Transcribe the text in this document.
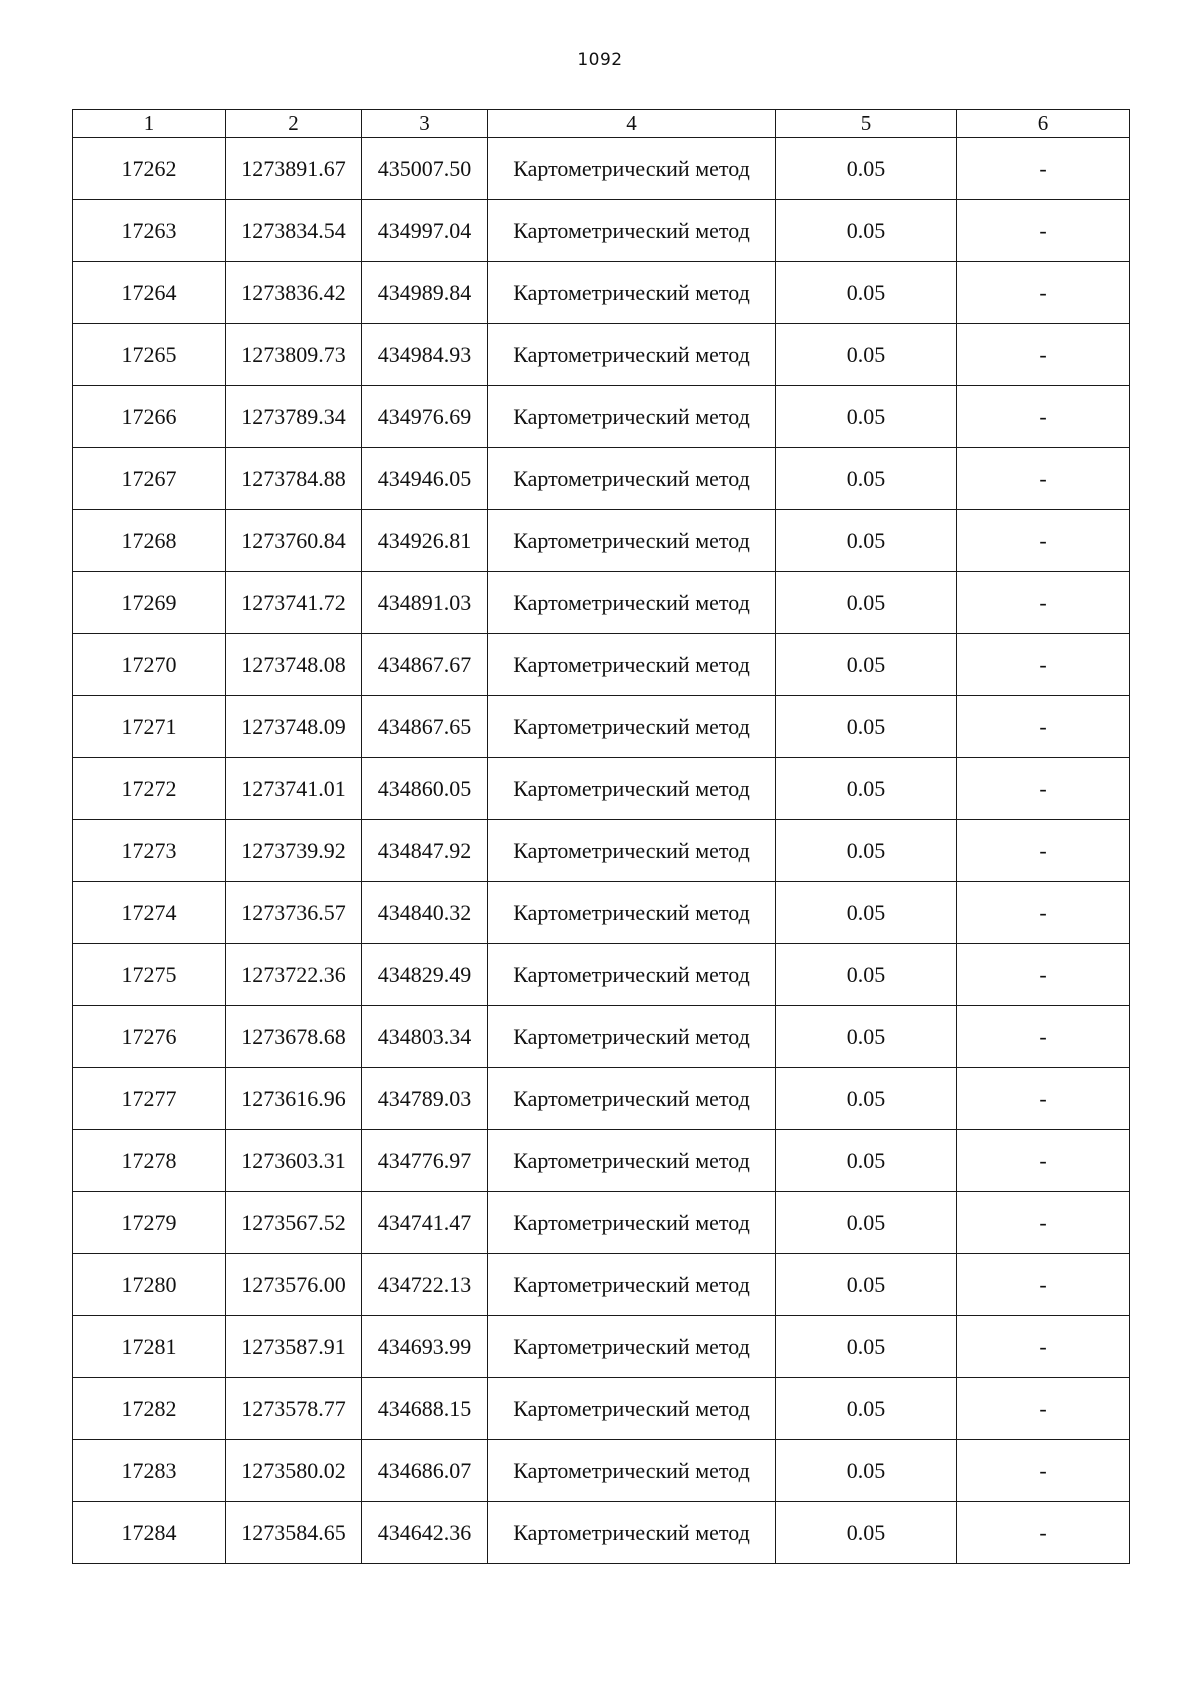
1092
1	2	3	4	5	6
17262	1273891.67	435007.50	Картометрический метод	0.05	-
17263	1273834.54	434997.04	Картометрический метод	0.05	-
17264	1273836.42	434989.84	Картометрический метод	0.05	-
17265	1273809.73	434984.93	Картометрический метод	0.05	-
17266	1273789.34	434976.69	Картометрический метод	0.05	-
17267	1273784.88	434946.05	Картометрический метод	0.05	-
17268	1273760.84	434926.81	Картометрический метод	0.05	-
17269	1273741.72	434891.03	Картометрический метод	0.05	-
17270	1273748.08	434867.67	Картометрический метод	0.05	-
17271	1273748.09	434867.65	Картометрический метод	0.05	-
17272	1273741.01	434860.05	Картометрический метод	0.05	-
17273	1273739.92	434847.92	Картометрический метод	0.05	-
17274	1273736.57	434840.32	Картометрический метод	0.05	-
17275	1273722.36	434829.49	Картометрический метод	0.05	-
17276	1273678.68	434803.34	Картометрический метод	0.05	-
17277	1273616.96	434789.03	Картометрический метод	0.05	-
17278	1273603.31	434776.97	Картометрический метод	0.05	-
17279	1273567.52	434741.47	Картометрический метод	0.05	-
17280	1273576.00	434722.13	Картометрический метод	0.05	-
17281	1273587.91	434693.99	Картометрический метод	0.05	-
17282	1273578.77	434688.15	Картометрический метод	0.05	-
17283	1273580.02	434686.07	Картометрический метод	0.05	-
17284	1273584.65	434642.36	Картометрический метод	0.05	-
